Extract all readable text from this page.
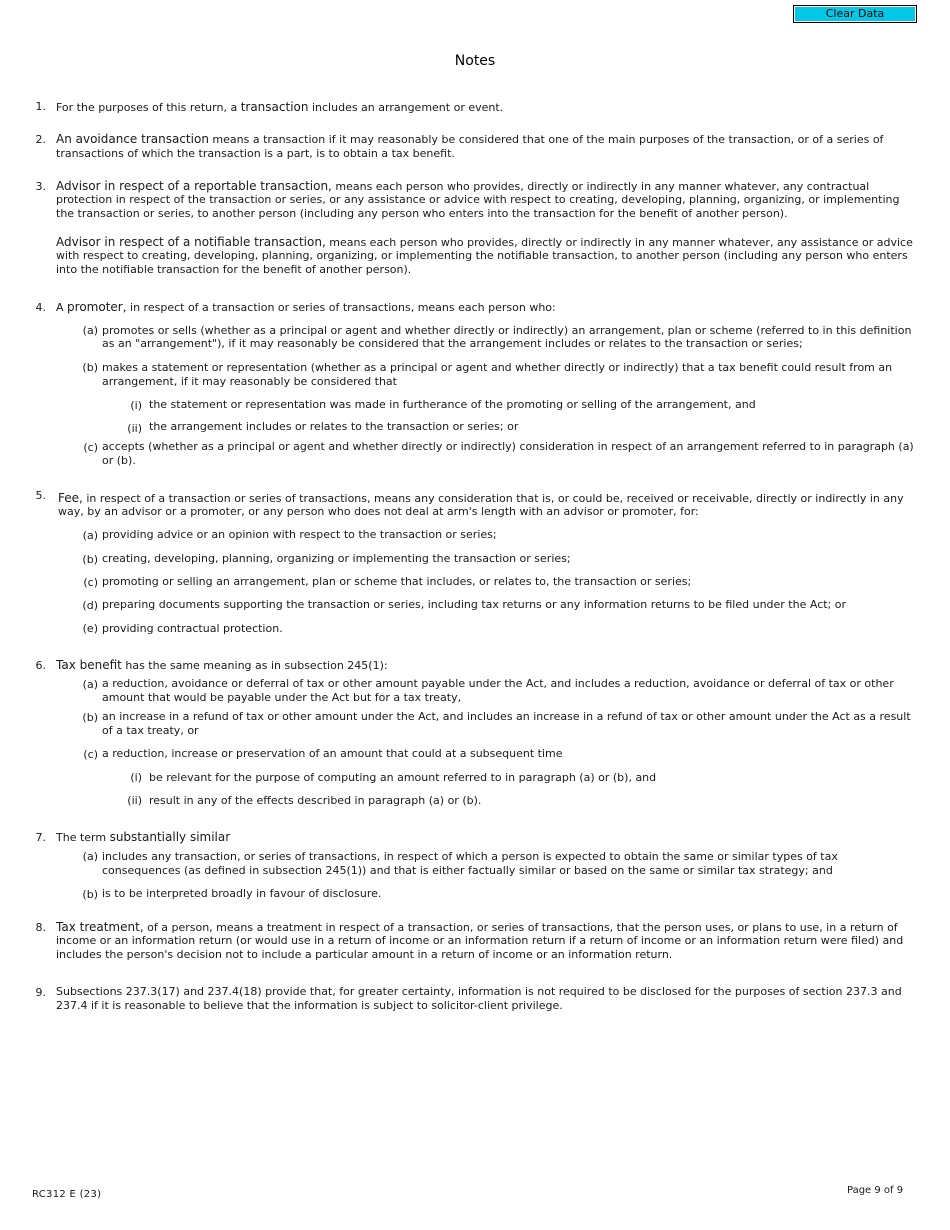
Clear Data
Notes
1. For the purposes of this return, a transaction includes an arrangement or event.
2. An avoidance transaction means a transaction if it may reasonably be considered that one of the main purposes of the transaction, or of a series of
transactions of which the transaction is a part, is to obtain a tax benefit.
3. Advisor in respect of a reportable transaction, means each person who provides, directly or indirectly in any manner whatever, any contractual
protection in respect of the transaction or series, or any assistance or advice with respect to creating, developing, planning, organizing, or implementing
the transaction or series, to another person (including any person who enters into the transaction for the benefit of another person).
Advisor in respect of a notifiable transaction, means each person who provides, directly or indirectly in any manner whatever, any assistance or advice
with respect to creating, developing, planning, organizing, or implementing the notifiable transaction, to another person (including any person who enters
into the notifiable transaction for the benefit of another person).
4. A promoter, in respect of a transaction or series of transactions, means each person who:
(a) promotes or sells (whether as a principal or agent and whether directly or indirectly) an arrangement, plan or scheme (referred to in this definition
as an "arrangement"), if it may reasonably be considered that the arrangement includes or relates to the transaction or series;
(b) makes a statement or representation (whether as a principal or agent and whether directly or indirectly) that a tax benefit could result from an
arrangement, if it may reasonably be considered that
(i) the statement or representation was made in furtherance of the promoting or selling of the arrangement, and
(ii) the arrangement includes or relates to the transaction or series; or
(c) accepts (whether as a principal or agent and whether directly or indirectly) consideration in respect of an arrangement referred to in paragraph (a)
or (b).
5. Fee, in respect of a transaction or series of transactions, means any consideration that is, or could be, received or receivable, directly or indirectly in any
way, by an advisor or a promoter, or any person who does not deal at arm's length with an advisor or promoter, for:
(a) providing advice or an opinion with respect to the transaction or series;
(b) creating, developing, planning, organizing or implementing the transaction or series;
(c) promoting or selling an arrangement, plan or scheme that includes, or relates to, the transaction or series;
(d) preparing documents supporting the transaction or series, including tax returns or any information returns to be filed under the Act; or
(e) providing contractual protection.
6. Tax benefit has the same meaning as in subsection 245(1):
(a) a reduction, avoidance or deferral of tax or other amount payable under the Act, and includes a reduction, avoidance or deferral of tax or other
amount that would be payable under the Act but for a tax treaty,
(b) an increase in a refund of tax or other amount under the Act, and includes an increase in a refund of tax or other amount under the Act as a result
of a tax treaty, or
(c) a reduction, increase or preservation of an amount that could at a subsequent time
(i) be relevant for the purpose of computing an amount referred to in paragraph (a) or (b), and
(ii) result in any of the effects described in paragraph (a) or (b).
7. The term substantially similar
(a) includes any transaction, or series of transactions, in respect of which a person is expected to obtain the same or similar types of tax
consequences (as defined in subsection 245(1)) and that is either factually similar or based on the same or similar tax strategy; and
(b) is to be interpreted broadly in favour of disclosure.
8. Tax treatment, of a person, means a treatment in respect of a transaction, or series of transactions, that the person uses, or plans to use, in a return of
income or an information return (or would use in a return of income or an information return if a return of income or an information return were filed) and
includes the person's decision not to include a particular amount in a return of income or an information return.
9. Subsections 237.3(17) and 237.4(18) provide that, for greater certainty, information is not required to be disclosed for the purposes of section 237.3 and
237.4 if it is reasonable to believe that the information is subject to solicitor-client privilege.
RC312 E (23)	Page 9 of 9
